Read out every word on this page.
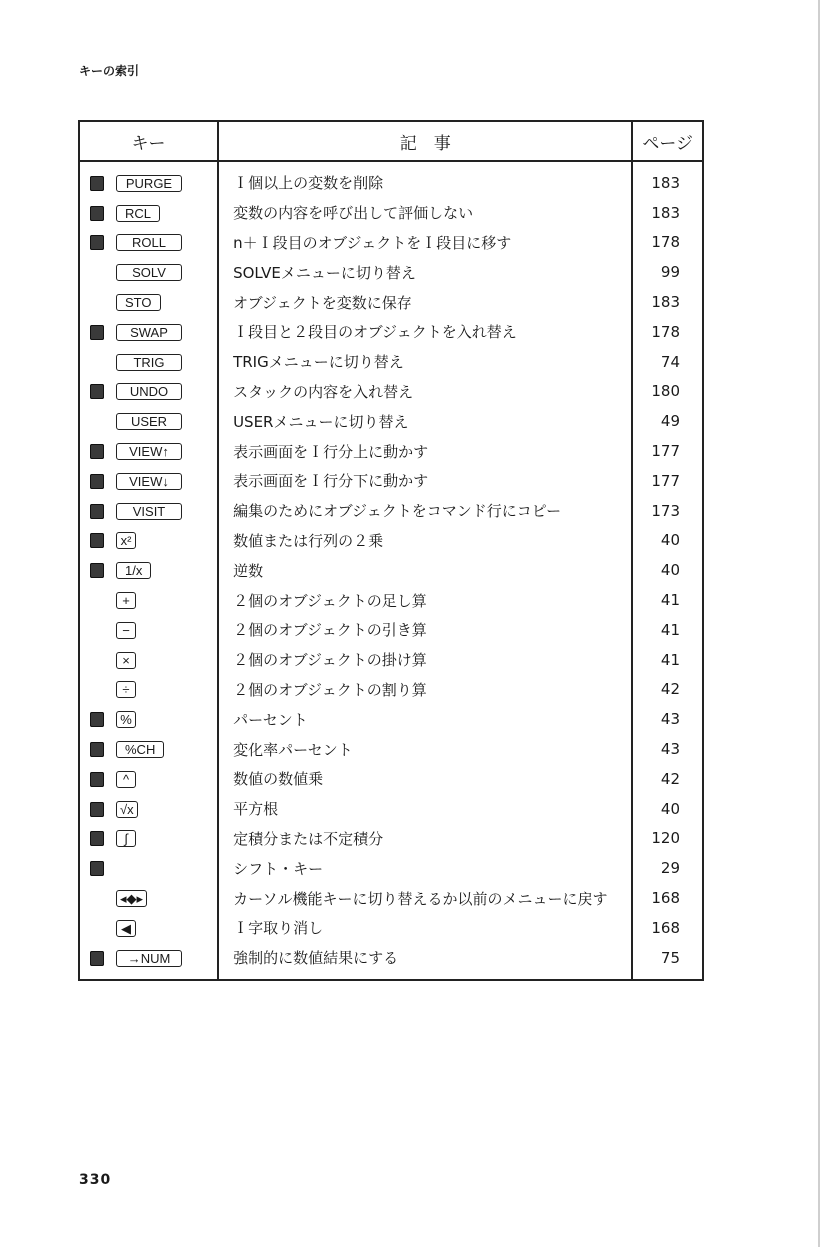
キーの索引
キー	記　事	ページ
PURGE	Ｉ個以上の変数を削除	183
RCL	変数の内容を呼び出して評価しない	183
ROLL	n＋Ｉ段目のオブジェクトをＩ段目に移す	178
SOLV	SOLVEメニューに切り替え	99
STO	オブジェクトを変数に保存	183
SWAP	Ｉ段目と２段目のオブジェクトを入れ替え	178
TRIG	TRIGメニューに切り替え	74
UNDO	スタックの内容を入れ替え	180
USER	USERメニューに切り替え	49
VIEW↑	表示画面をＩ行分上に動かす	177
VIEW↓	表示画面をＩ行分下に動かす	177
VISIT	編集のためにオブジェクトをコマンド行にコピー	173
x²	数値または行列の２乗	40
1/x	逆数	40
+	２個のオブジェクトの足し算	41
−	２個のオブジェクトの引き算	41
×	２個のオブジェクトの掛け算	41
÷	２個のオブジェクトの割り算	42
%	パーセント	43
%CH	変化率パーセント	43
^	数値の数値乗	42
√x	平方根	40
∫	定積分または不定積分	120
	シフト・キー	29
◂◆▸	カーソル機能キーに切り替えるか以前のメニューに戻す	168
◀	Ｉ字取り消し	168
→NUM	強制的に数値結果にする	75
330
